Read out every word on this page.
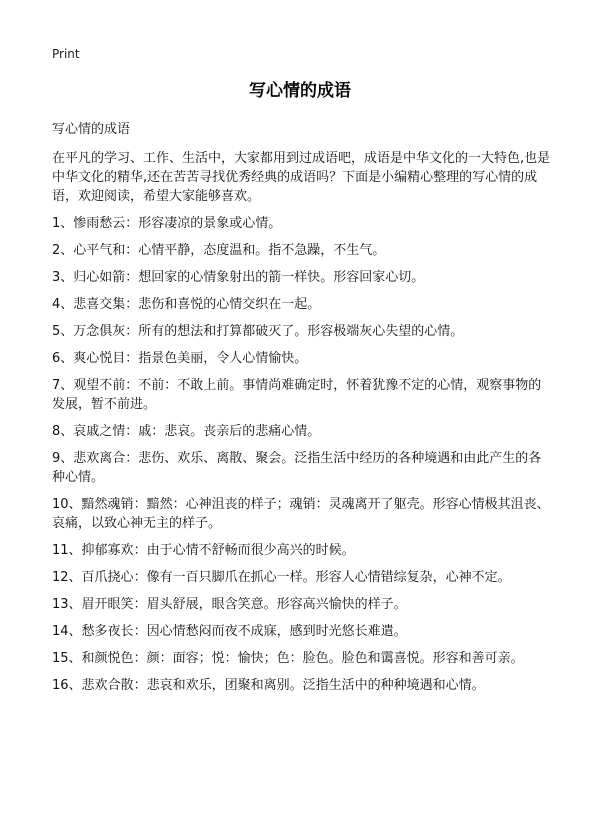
Print
写心情的成语
写心情的成语
在平凡的学习、工作、生活中，大家都用到过成语吧，成语是中华文化的一大特色,也是中华文化的精华,还在苦苦寻找优秀经典的成语吗？下面是小编精心整理的写心情的成语，欢迎阅读，希望大家能够喜欢。
1、惨雨愁云：形容凄凉的景象或心情。
2、心平气和：心情平静，态度温和。指不急躁，不生气。
3、归心如箭：想回家的心情象射出的箭一样快。形容回家心切。
4、悲喜交集：悲伤和喜悦的心情交织在一起。
5、万念俱灰：所有的想法和打算都破灭了。形容极端灰心失望的心情。
6、爽心悦目：指景色美丽，令人心情愉快。
7、观望不前：不前：不敢上前。事情尚难确定时，怀着犹豫不定的心情，观察事物的发展，暂不前进。
8、哀戚之情：戚：悲哀。丧亲后的悲痛心情。
9、悲欢离合：悲伤、欢乐、离散、聚会。泛指生活中经历的各种境遇和由此产生的各种心情。
10、黯然魂销：黯然：心神沮丧的样子；魂销：灵魂离开了躯壳。形容心情极其沮丧、哀痛，以致心神无主的样子。
11、抑郁寡欢：由于心情不舒畅而很少高兴的时候。
12、百爪挠心：像有一百只脚爪在抓心一样。形容人心情错综复杂，心神不定。
13、眉开眼笑：眉头舒展，眼含笑意。形容高兴愉快的样子。
14、愁多夜长：因心情愁闷而夜不成寐，感到时光悠长难遣。
15、和颜悦色：颜：面容；悦：愉快；色：脸色。脸色和霭喜悦。形容和善可亲。
16、悲欢合散：悲哀和欢乐，团聚和离别。泛指生活中的种种境遇和心情。
